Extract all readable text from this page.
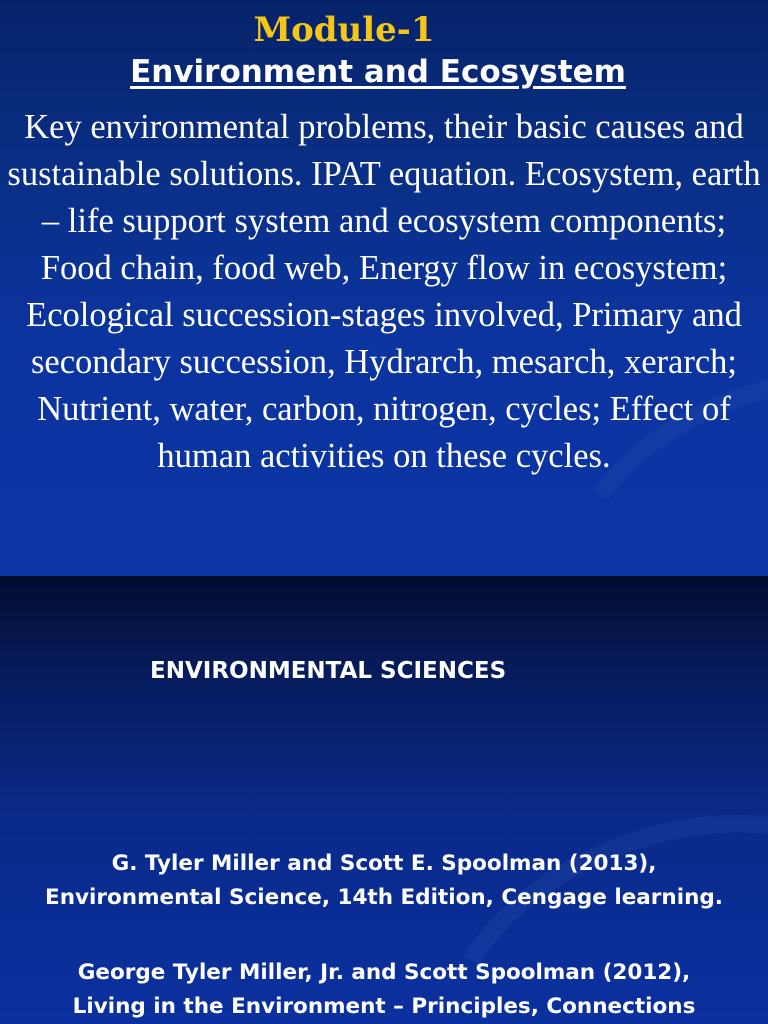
Module-1
Environment and Ecosystem

Key environmental problems, their basic causes and sustainable solutions. IPAT equation. Ecosystem, earth – life support system and ecosystem components; Food chain, food web, Energy flow in ecosystem; Ecological succession-stages involved, Primary and secondary succession, Hydrarch, mesarch, xerarch; Nutrient, water, carbon, nitrogen, cycles; Effect of human activities on these cycles.

ENVIRONMENTAL SCIENCES

G. Tyler Miller and Scott E. Spoolman (2013),
Environmental Science, 14th Edition, Cengage learning.
George Tyler Miller, Jr. and Scott Spoolman (2012),
Living in the Environment – Principles, Connections
